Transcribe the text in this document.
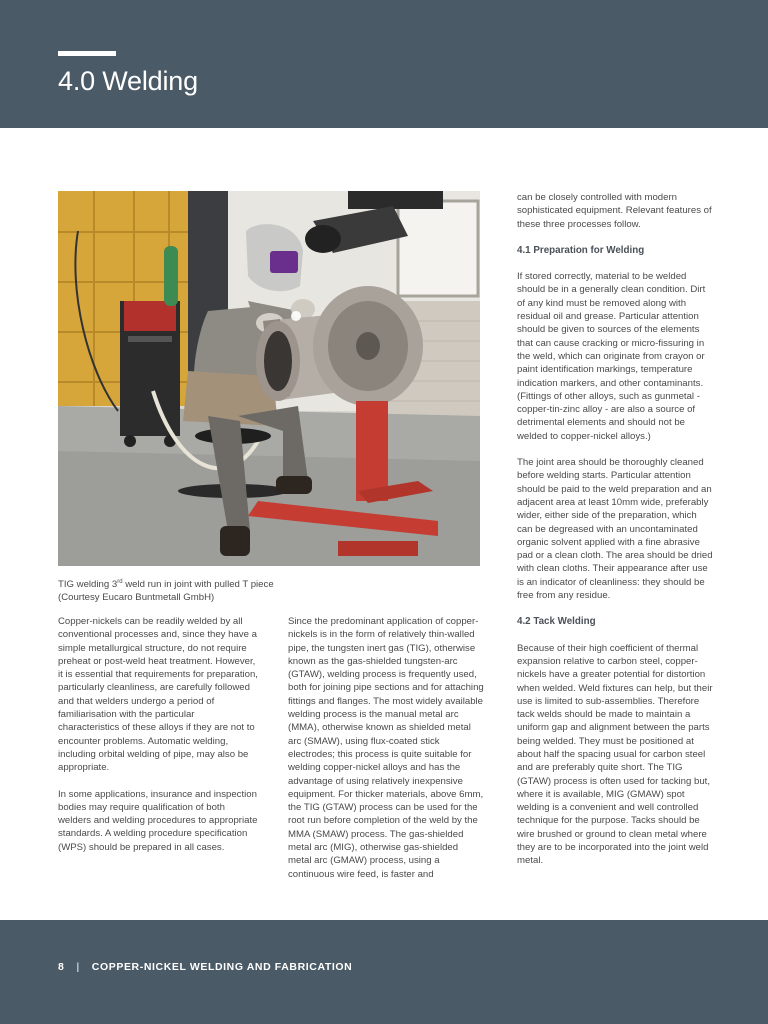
4.0 Welding
TIG welding 3rd weld run in joint with pulled T piece
(Courtesy Eucaro Buntmetall GmbH)

Copper-nickels can be readily welded by all conventional processes and, since they have a simple metallurgical structure, do not require preheat or post-weld heat treatment. However, it is essential that requirements for preparation, particularly cleanliness, are carefully followed and that welders undergo a period of familiarisation with the particular characteristics of these alloys if they are not to encounter problems. Automatic welding, including orbital welding of pipe, may also be appropriate.

In some applications, insurance and inspection bodies may require qualification of both welders and welding procedures to appropriate standards. A welding procedure specification (WPS) should be prepared in all cases.

Since the predominant application of copper-nickels is in the form of relatively thin-walled pipe, the tungsten inert gas (TIG), otherwise known as the gas-shielded tungsten-arc (GTAW), welding process is frequently used, both for joining pipe sections and for attaching fittings and flanges. The most widely available welding process is the manual metal arc (MMA), otherwise known as shielded metal arc (SMAW), using flux-coated stick electrodes; this process is quite suitable for welding copper-nickel alloys and has the advantage of using relatively inexpensive equipment. For thicker materials, above 6mm, the TIG (GTAW) process can be used for the root run before completion of the weld by the MMA (SMAW) process. The gas-shielded metal arc (MIG), otherwise gas-shielded metal arc (GMAW) process, using a continuous wire feed, is faster and

can be closely controlled with modern sophisticated equipment. Relevant features of these three processes follow.

4.1 Preparation for Welding

If stored correctly, material to be welded should be in a generally clean condition. Dirt of any kind must be removed along with residual oil and grease. Particular attention should be given to sources of the elements that can cause cracking or micro-fissuring in the weld, which can originate from crayon or paint identification markings, temperature indication markers, and other contaminants. (Fittings of other alloys, such as gunmetal - copper-tin-zinc alloy - are also a source of detrimental elements and should not be welded to copper-nickel alloys.)

The joint area should be thoroughly cleaned before welding starts. Particular attention should be paid to the weld preparation and an adjacent area at least 10mm wide, preferably wider, either side of the preparation, which can be degreased with an uncontaminated organic solvent applied with a fine abrasive pad or a clean cloth. The area should be dried with clean cloths. Their appearance after use is an indicator of cleanliness: they should be free from any residue.

4.2 Tack Welding

Because of their high coefficient of thermal expansion relative to carbon steel, copper-nickels have a greater potential for distortion when welded. Weld fixtures can help, but their use is limited to sub-assemblies. Therefore tack welds should be made to maintain a uniform gap and alignment between the parts being welded. They must be positioned at about half the spacing usual for carbon steel and are preferably quite short. The TIG (GTAW) process is often used for tacking but, where it is available, MIG (GMAW) spot welding is a convenient and well controlled technique for the purpose. Tacks should be wire brushed or ground to clean metal where they are to be incorporated into the joint weld metal.

8 | COPPER-NICKEL WELDING AND FABRICATION
